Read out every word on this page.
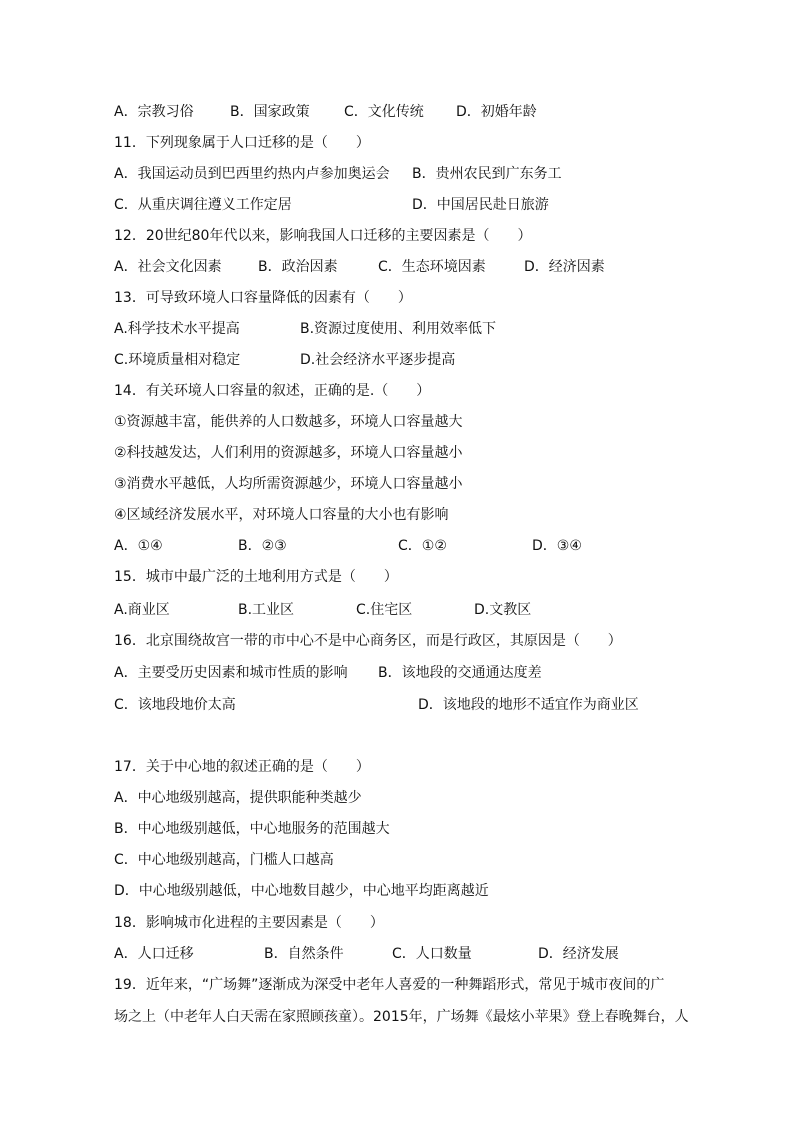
A．宗教习俗	B．国家政策 C．文化传统 D．初婚年龄
11．下列现象属于人口迁移的是（　　）
A．我国运动员到巴西里约热内卢参加奥运会 B．贵州农民到广东务工
C．从重庆调往遵义工作定居	D．中国居民赴日旅游
12．20世纪80年代以来，影响我国人口迁移的主要因素是（　　）
A．社会文化因素	B．政治因素	C．生态环境因素	D．经济因素
13．可导致环境人口容量降低的因素有（　　）
A.科学技术水平提高	B.资源过度使用、利用效率低下
C.环境质量相对稳定	D.社会经济水平逐步提高
14．有关环境人口容量的叙述，正确的是.（　　）
①资源越丰富，能供养的人口数越多，环境人口容量越大
②科技越发达，人们利用的资源越多，环境人口容量越小
③消费水平越低，人均所需资源越少，环境人口容量越小
④区域经济发展水平，对环境人口容量的大小也有影响
A．①④	B．②③	C．①②	D．③④
15．城市中最广泛的土地利用方式是（　　）
A.商业区	B.工业区	C.住宅区	D.文教区
16．北京围绕故宫一带的市中心不是中心商务区，而是行政区，其原因是（　　）
A．主要受历史因素和城市性质的影响 B．该地段的交通通达度差
C．该地段地价太高	D．该地段的地形不适宜作为商业区
17．关于中心地的叙述正确的是（　　）
A．中心地级别越高，提供职能种类越少
B．中心地级别越低，中心地服务的范围越大
C．中心地级别越高，门槛人口越高
D．中心地级别越低，中心地数目越少，中心地平均距离越近
18．影响城市化进程的主要因素是（　　）
A．人口迁移	B．自然条件	C．人口数量	D．经济发展
19．近年来，“广场舞”逐渐成为深受中老年人喜爱的一种舞蹈形式，常见于城市夜间的广
场之上（中老年人白天需在家照顾孩童）。2015年，广场舞《最炫小苹果》登上春晚舞台，人
